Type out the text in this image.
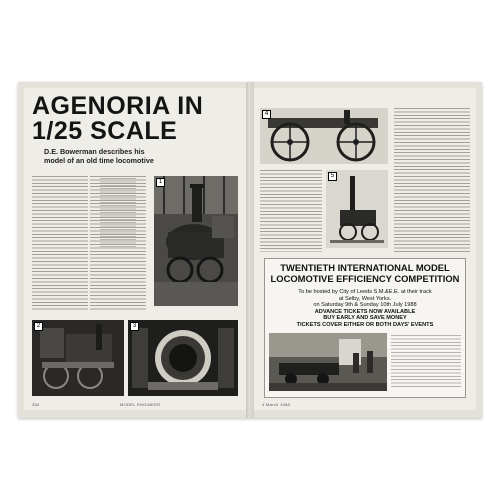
AGENORIA IN 1/25 SCALE
D.E. Bowerman describes his model of an old time locomotive
1
2	3
350	MODEL ENGINEER
4
5
TWENTIETH INTERNATIONAL MODEL LOCOMOTIVE EFFICIENCY COMPETITION
To be hosted by City of Leeds S.M.&E.E. at their track
at Selby, West Yorks.
on Saturday 9th & Sunday 10th July 1988
ADVANCE TICKETS NOW AVAILABLE
BUY EARLY AND SAVE MONEY
TICKETS COVER EITHER OR BOTH DAYS' EVENTS
4 March 1988
